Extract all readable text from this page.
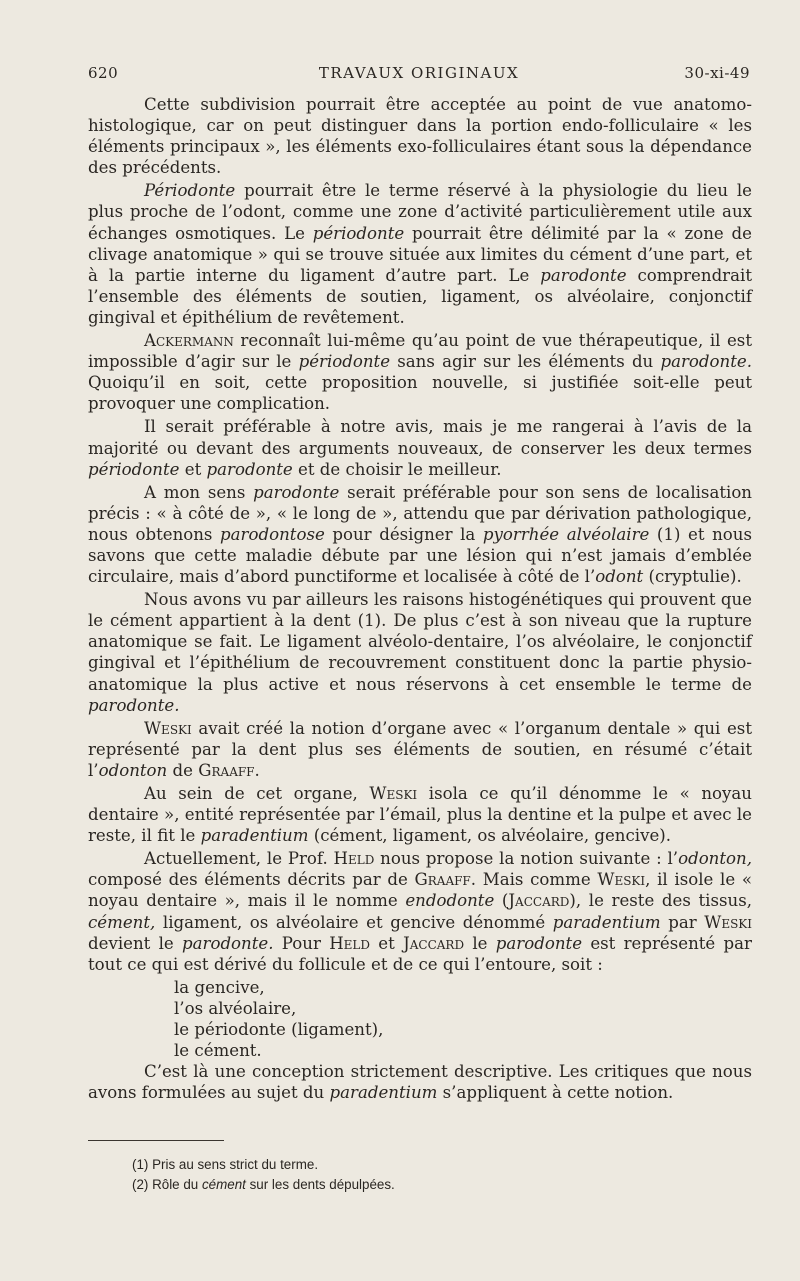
620	TRAVAUX ORIGINAUX	30-xi-49

Cette subdivision pourrait être acceptée au point de vue anatomo-histologique, car on peut distinguer dans la portion endo-folliculaire « les éléments principaux », les éléments exo-folliculaires étant sous la dépendance des précédents.

Périodonte pourrait être le terme réservé à la physiologie du lieu le plus proche de l’odont, comme une zone d’activité particulièrement utile aux échanges osmotiques. Le périodonte pourrait être délimité par la « zone de clivage anatomique » qui se trouve située aux limites du cément d’une part, et à la partie interne du ligament d’autre part. Le parodonte comprendrait l’ensemble des éléments de soutien, ligament, os alvéolaire, conjonctif gingival et épithélium de revêtement.

Ackermann reconnaît lui-même qu’au point de vue thérapeutique, il est impossible d’agir sur le périodonte sans agir sur les éléments du parodonte. Quoiqu’il en soit, cette proposition nouvelle, si justifiée soit-elle peut provoquer une complication.

Il serait préférable à notre avis, mais je me rangerai à l’avis de la majorité ou devant des arguments nouveaux, de conserver les deux termes périodonte et parodonte et de choisir le meilleur.

A mon sens parodonte serait préférable pour son sens de localisation précis : « à côté de », « le long de », attendu que par dérivation pathologique, nous obtenons parodontose pour désigner la pyorrhée alvéolaire (1) et nous savons que cette maladie débute par une lésion qui n’est jamais d’emblée circulaire, mais d’abord punctiforme et localisée à côté de l’odont (cryptulie).

Nous avons vu par ailleurs les raisons histogénétiques qui prouvent que le cément appartient à la dent (1). De plus c’est à son niveau que la rupture anatomique se fait. Le ligament alvéolo-dentaire, l’os alvéolaire, le conjonctif gingival et l’épithélium de recouvrement constituent donc la partie physio-anatomique la plus active et nous réservons à cet ensemble le terme de parodonte.

Weski avait créé la notion d’organe avec « l’organum dentale » qui est représenté par la dent plus ses éléments de soutien, en résumé c’était l’odonton de Graaff.

Au sein de cet organe, Weski isola ce qu’il dénomme le « noyau dentaire », entité représentée par l’émail, plus la dentine et la pulpe et avec le reste, il fit le paradentium (cément, ligament, os alvéolaire, gencive).

Actuellement, le Prof. Held nous propose la notion suivante : l’odonton, composé des éléments décrits par de Graaff. Mais comme Weski, il isole le « noyau dentaire », mais il le nomme endodonte (Jaccard), le reste des tissus, cément, ligament, os alvéolaire et gencive dénommé paradentium par Weski devient le parodonte. Pour Held et Jaccard le parodonte est représenté par tout ce qui est dérivé du follicule et de ce qui l’entoure, soit :

la gencive,
l’os alvéolaire,
le périodonte (ligament),
le cément.

C’est là une conception strictement descriptive. Les critiques que nous avons formulées au sujet du paradentium s’appliquent à cette notion.

(1) Pris au sens strict du terme.
(2) Rôle du cément sur les dents dépulpées.
